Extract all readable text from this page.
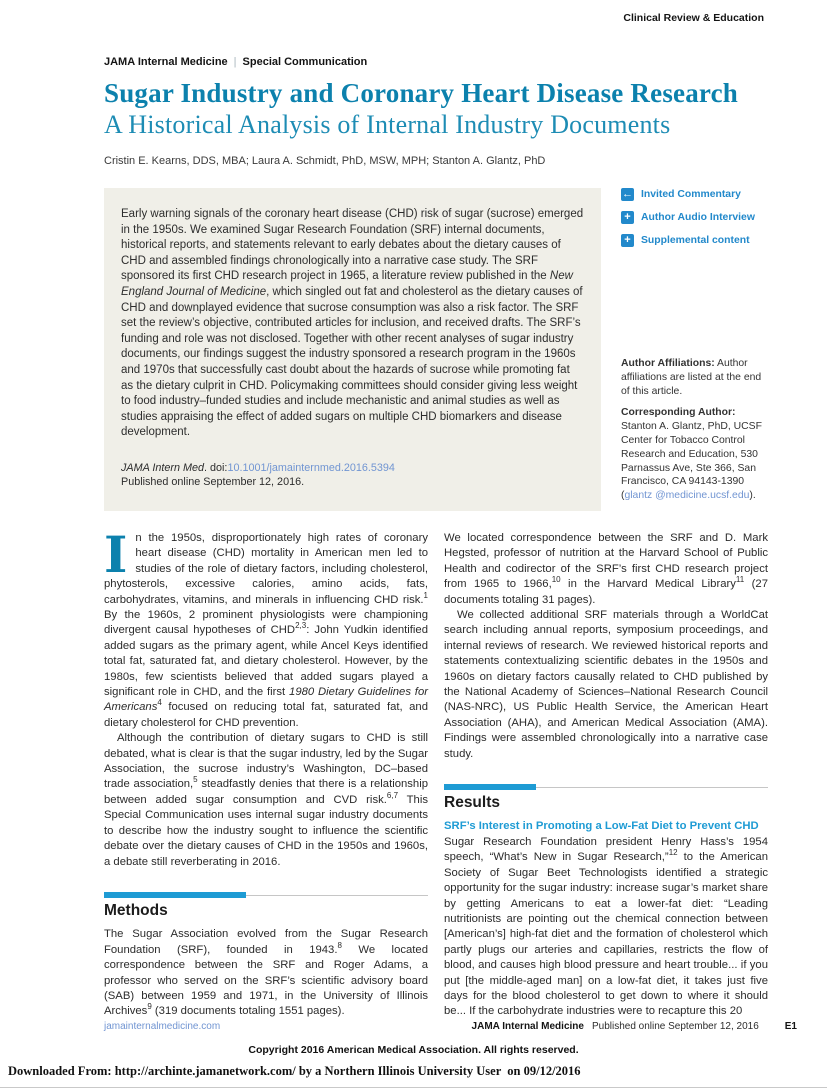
Clinical Review & Education
JAMA Internal Medicine | Special Communication
Sugar Industry and Coronary Heart Disease Research
A Historical Analysis of Internal Industry Documents
Cristin E. Kearns, DDS, MBA; Laura A. Schmidt, PhD, MSW, MPH; Stanton A. Glantz, PhD
Early warning signals of the coronary heart disease (CHD) risk of sugar (sucrose) emerged in the 1950s. We examined Sugar Research Foundation (SRF) internal documents, historical reports, and statements relevant to early debates about the dietary causes of CHD and assembled findings chronologically into a narrative case study. The SRF sponsored its first CHD research project in 1965, a literature review published in the New England Journal of Medicine, which singled out fat and cholesterol as the dietary causes of CHD and downplayed evidence that sucrose consumption was also a risk factor. The SRF set the review’s objective, contributed articles for inclusion, and received drafts. The SRF’s funding and role was not disclosed. Together with other recent analyses of sugar industry documents, our findings suggest the industry sponsored a research program in the 1960s and 1970s that successfully cast doubt about the hazards of sucrose while promoting fat as the dietary culprit in CHD. Policymaking committees should consider giving less weight to food industry–funded studies and include mechanistic and animal studies as well as studies appraising the effect of added sugars on multiple CHD biomarkers and disease development.
JAMA Intern Med. doi:10.1001/jamainternmed.2016.5394
Published online September 12, 2016.
← Invited Commentary
+ Author Audio Interview
+ Supplemental content

Author Affiliations: Author affiliations are listed at the end of this article.

Corresponding Author: Stanton A. Glantz, PhD, UCSF Center for Tobacco Control Research and Education, 530 Parnassus Ave, Ste 366, San Francisco, CA 94143-1390 (glantz @medicine.ucsf.edu).

In the 1950s, disproportionately high rates of coronary heart disease (CHD) mortality in American men led to studies of the role of dietary factors, including cholesterol, phytosterols, excessive calories, amino acids, fats, carbohydrates, vitamins, and minerals in influencing CHD risk.$^1$ By the 1960s, 2 prominent physiologists were championing divergent causal hypotheses of CHD$^{2,3}$: John Yudkin identified added sugars as the primary agent, while Ancel Keys identified total fat, saturated fat, and dietary cholesterol. However, by the 1980s, few scientists believed that added sugars played a significant role in CHD, and the first 1980 Dietary Guidelines for Americans$^4$ focused on reducing total fat, saturated fat, and dietary cholesterol for CHD prevention.

Although the contribution of dietary sugars to CHD is still debated, what is clear is that the sugar industry, led by the Sugar Association, the sucrose industry’s Washington, DC–based trade association,$^5$ steadfastly denies that there is a relationship between added sugar consumption and CVD risk.$^{6,7}$ This Special Communication uses internal sugar industry documents to describe how the industry sought to influence the scientific debate over the dietary causes of CHD in the 1950s and 1960s, a debate still reverberating in 2016.

Methods

The Sugar Association evolved from the Sugar Research Foundation (SRF), founded in 1943.$^8$ We located correspondence between the SRF and Roger Adams, a professor who served on the SRF’s scientific advisory board (SAB) between 1959 and 1971, in the University of Illinois Archives$^9$ (319 documents totaling 1551 pages).

We located correspondence between the SRF and D. Mark Hegsted, professor of nutrition at the Harvard School of Public Health and codirector of the SRF’s first CHD research project from 1965 to 1966,10 in the Harvard Medical Library$^{11}$ (27 documents totaling 31 pages).

We collected additional SRF materials through a WorldCat search including annual reports, symposium proceedings, and internal reviews of research. We reviewed historical reports and statements contextualizing scientific debates in the 1950s and 1960s on dietary factors causally related to CHD published by the National Academy of Sciences–National Research Council (NAS-NRC), US Public Health Service, the American Heart Association (AHA), and American Medical Association (AMA). Findings were assembled chronologically into a narrative case study.

Results

SRF’s Interest in Promoting a Low-Fat Diet to Prevent CHD

Sugar Research Foundation president Henry Hass’s 1954 speech, “What’s New in Sugar Research,”$^{12}$ to the American Society of Sugar Beet Technologists identified a strategic opportunity for the sugar industry: increase sugar’s market share by getting Americans to eat a lower-fat diet: “Leading nutritionists are pointing out the chemical connection between [American’s] high-fat diet and the formation of cholesterol which partly plugs our arteries and capillaries, restricts the flow of blood, and causes high blood pressure and heart trouble... if you put [the middle-aged man] on a low-fat diet, it takes just five days for the blood cholesterol to get down to where it should be... If the carbohydrate industries were to recapture this 20

jamainternalmedicine.com	JAMA Internal Medicine Published online September 12, 2016	E1
Copyright 2016 American Medical Association. All rights reserved.
Downloaded From: http://archinte.jamanetwork.com/ by a Northern Illinois University User  on 09/12/2016
